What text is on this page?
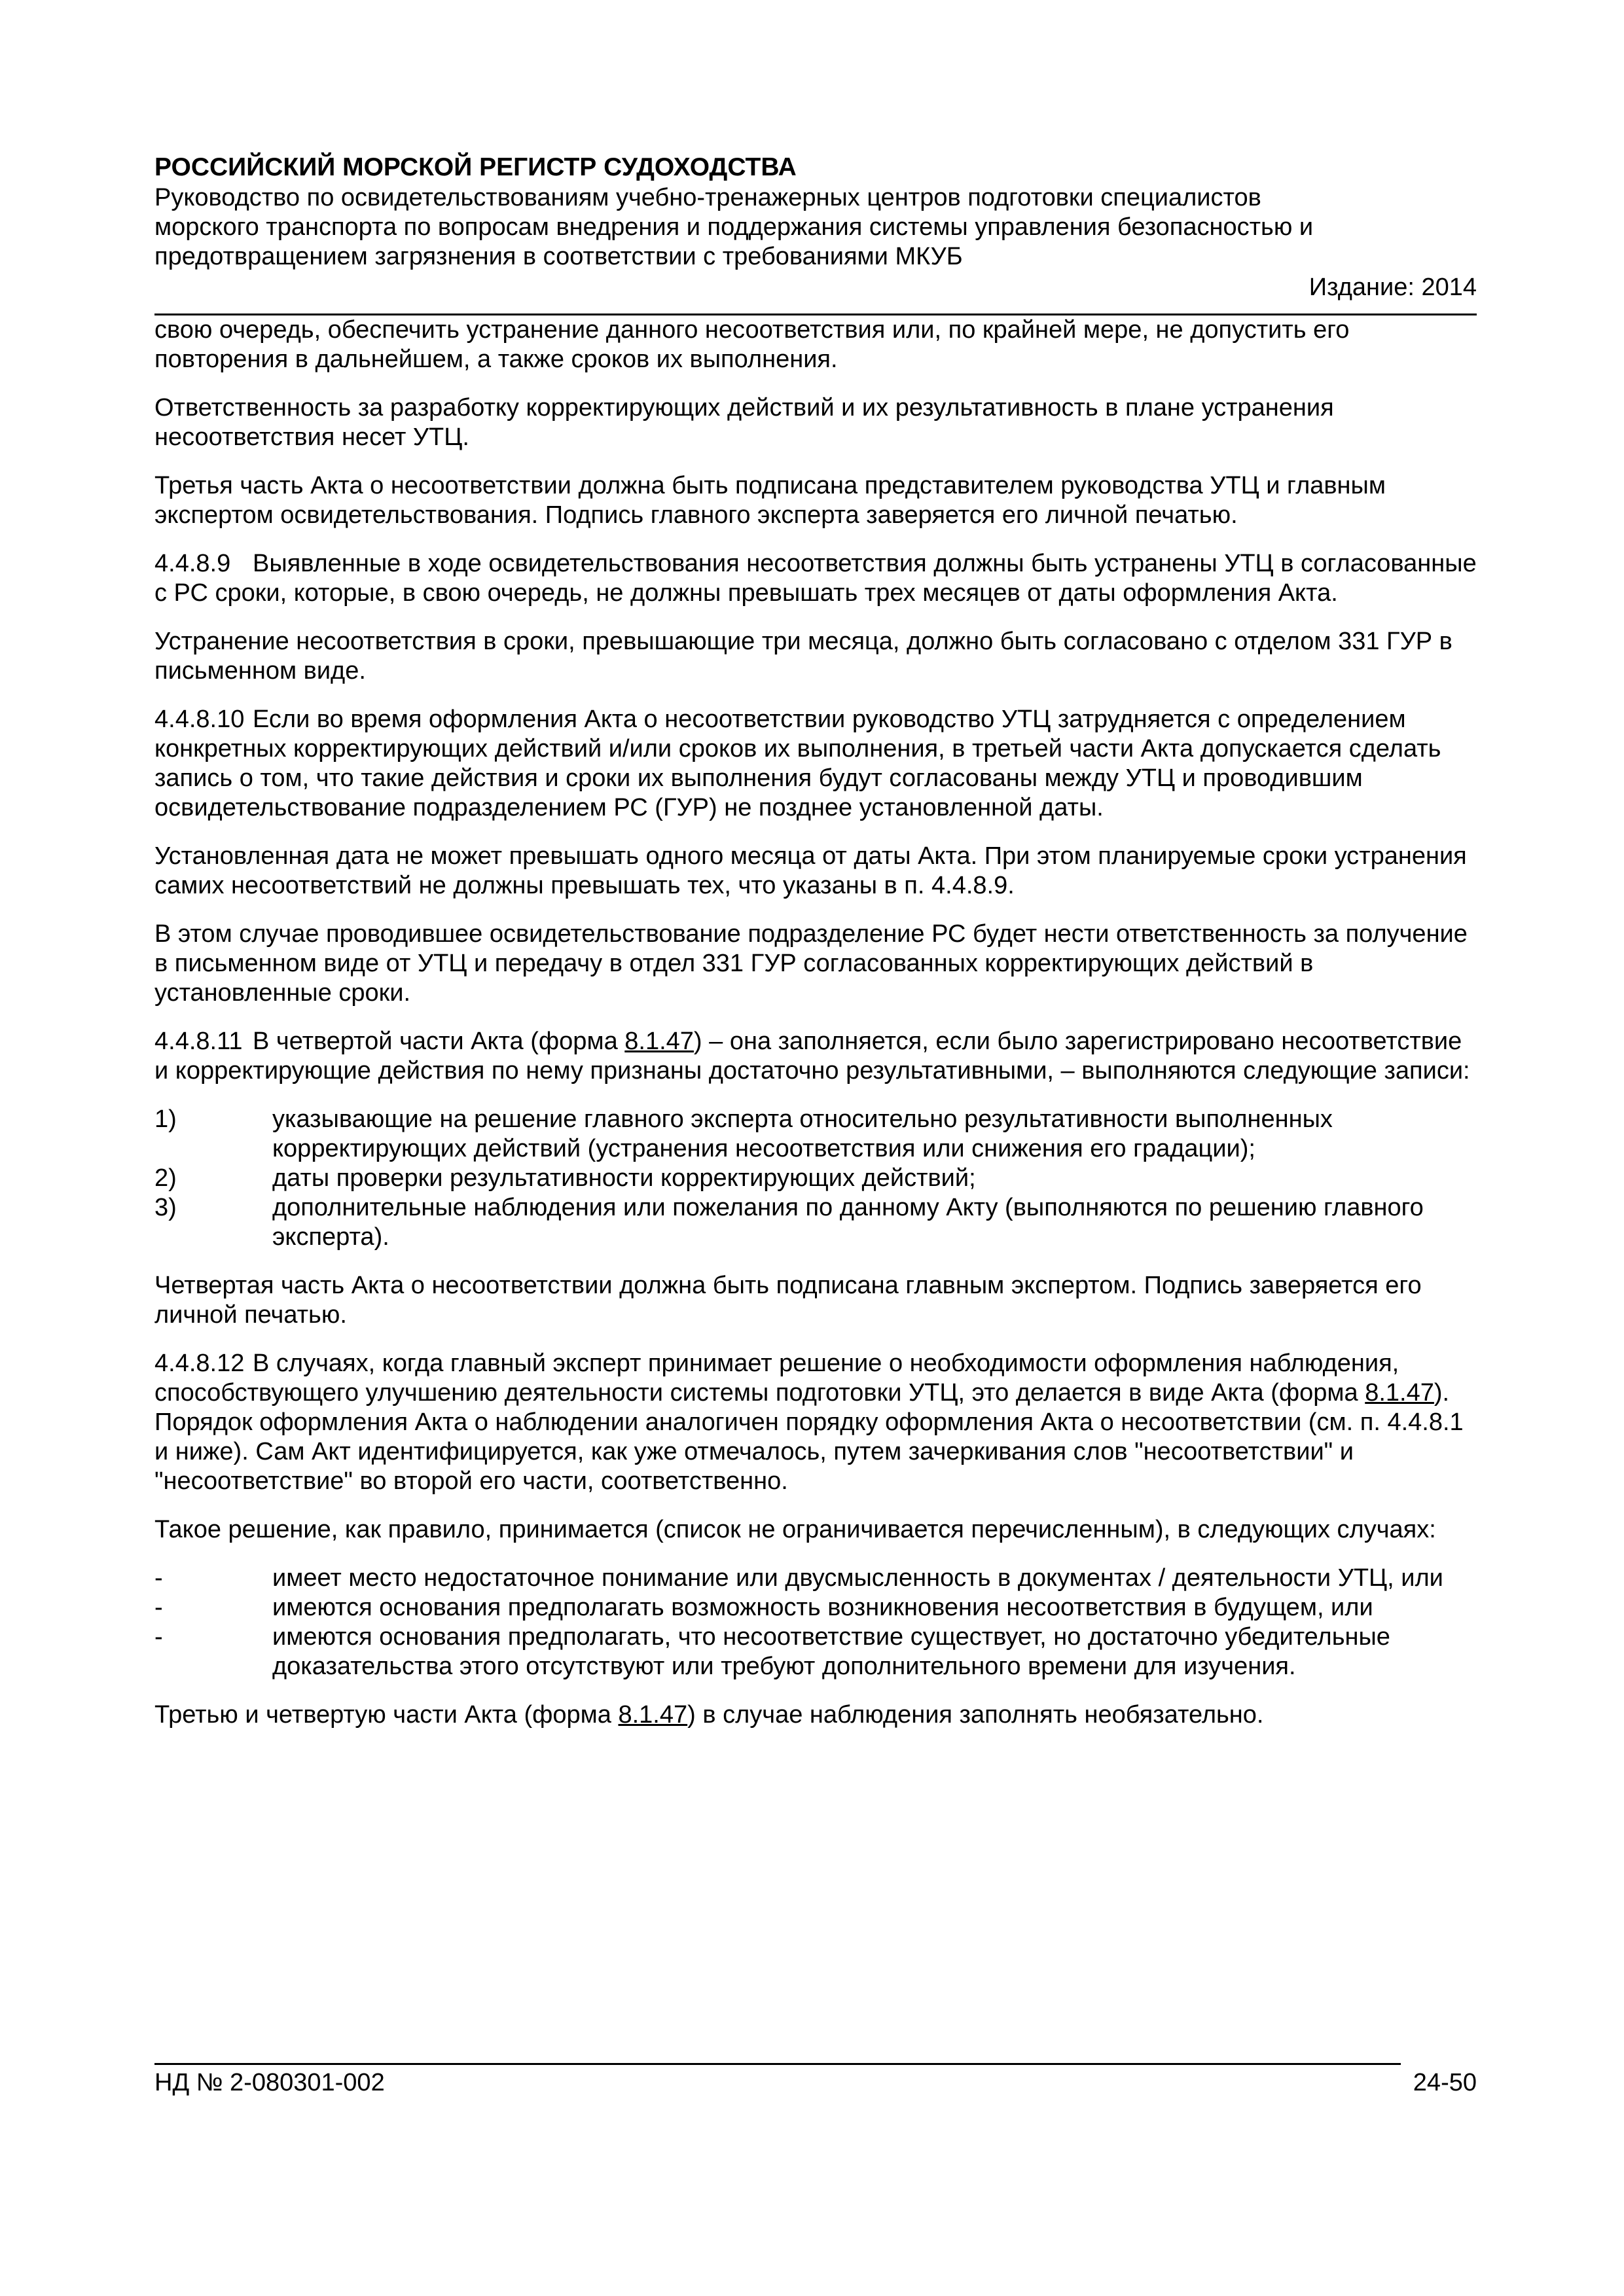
РОССИЙСКИЙ МОРСКОЙ РЕГИСТР СУДОХОДСТВА
Руководство по освидетельствованиям учебно-тренажерных центров подготовки специалистов
морского транспорта по вопросам внедрения и поддержания системы управления безопасностью и
предотвращением загрязнения в соответствии с требованиями МКУБ
Издание: 2014

свою очередь, обеспечить устранение данного несоответствия или, по крайней мере, не допустить его повторения в дальнейшем, а также сроков их выполнения.

Ответственность за разработку корректирующих действий и их результативность в плане устранения несоответствия несет УТЦ.

Третья часть Акта о несоответствии должна быть подписана представителем руководства УТЦ и главным экспертом освидетельствования. Подпись главного эксперта заверяется его личной печатью.

4.4.8.9 Выявленные в ходе освидетельствования несоответствия должны быть устранены УТЦ в согласованные с РС сроки, которые, в свою очередь, не должны превышать трех месяцев от даты оформления Акта.

Устранение несоответствия в сроки, превышающие три месяца, должно быть согласовано с отделом 331 ГУР в письменном виде.

4.4.8.10 Если во время оформления Акта о несоответствии руководство УТЦ затрудняется с определением конкретных корректирующих действий и/или сроков их выполнения, в третьей части Акта допускается сделать запись о том, что такие действия и сроки их выполнения будут согласованы между УТЦ и проводившим освидетельствование подразделением РС (ГУР) не позднее установленной даты.

Установленная дата не может превышать одного месяца от даты Акта. При этом планируемые сроки устранения самих несоответствий не должны превышать тех, что указаны в п. 4.4.8.9.

В этом случае проводившее освидетельствование подразделение РС будет нести ответственность за получение в письменном виде от УТЦ и передачу в отдел 331 ГУР согласованных корректирующих действий в установленные сроки.

4.4.8.11 В четвертой части Акта (форма 8.1.47) – она заполняется, если было зарегистрировано несоответствие и корректирующие действия по нему признаны достаточно результативными, – выполняются следующие записи:

1)	указывающие на решение главного эксперта относительно результативности выполненных корректирующих действий (устранения несоответствия или снижения его градации);
2)	даты проверки результативности корректирующих действий;
3)	дополнительные наблюдения или пожелания по данному Акту (выполняются по решению главного эксперта).

Четвертая часть Акта о несоответствии должна быть подписана главным экспертом. Подпись заверяется его личной печатью.

4.4.8.12 В случаях, когда главный эксперт принимает решение о необходимости оформления наблюдения, способствующего улучшению деятельности системы подготовки УТЦ, это делается в виде Акта (форма 8.1.47). Порядок оформления Акта о наблюдении аналогичен порядку оформления Акта о несоответствии (см. п. 4.4.8.1 и ниже). Сам Акт идентифицируется, как уже отмечалось, путем зачеркивания слов "несоответствии" и "несоответствие" во второй его части, соответственно.

Такое решение, как правило, принимается (список не ограничивается перечисленным), в следующих случаях:

-	имеет место недостаточное понимание или двусмысленность в документах / деятельности УТЦ, или
-	имеются основания предполагать возможность возникновения несоответствия в будущем, или
-	имеются основания предполагать, что несоответствие существует, но достаточно убедительные доказательства этого отсутствуют или требуют дополнительного времени для изучения.

Третью и четвертую части Акта (форма 8.1.47) в случае наблюдения заполнять необязательно.

НД № 2-080301-002	24-50
